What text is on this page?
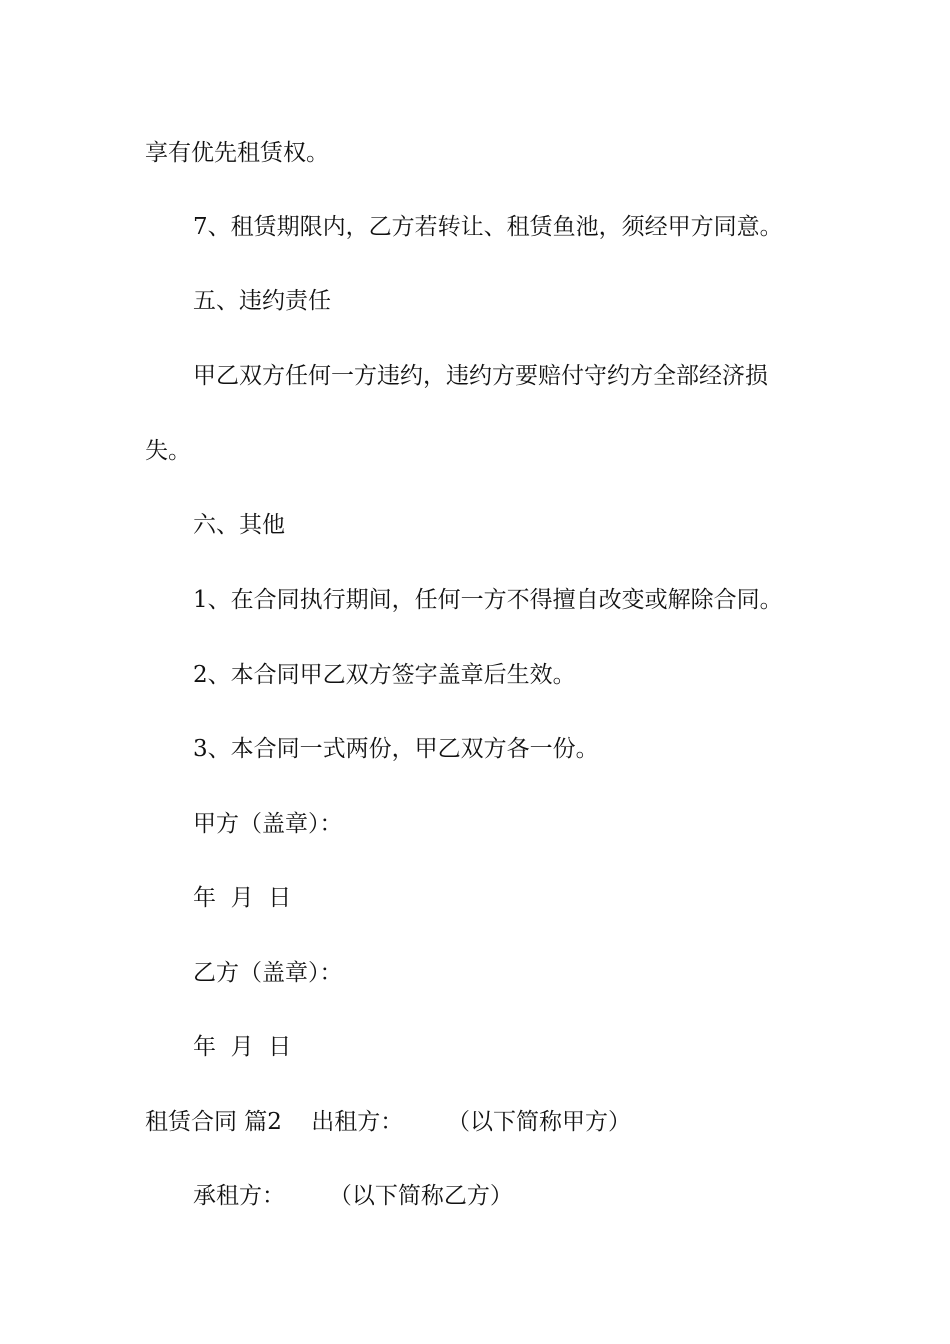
享有优先租赁权。
7、租赁期限内，乙方若转让、租赁鱼池，须经甲方同意。
五、违约责任
甲乙双方任何一方违约，违约方要赔付守约方全部经济损
失。
六、其他
1、在合同执行期间，任何一方不得擅自改变或解除合同。
2、本合同甲乙双方签字盖章后生效。
3、本合同一式两份，甲乙双方各一份。
甲方（盖章）：
年  月  日
乙方（盖章）：
年  月  日
租赁合同 篇2    出租方：      （以下简称甲方）
承租方：      （以下简称乙方）
